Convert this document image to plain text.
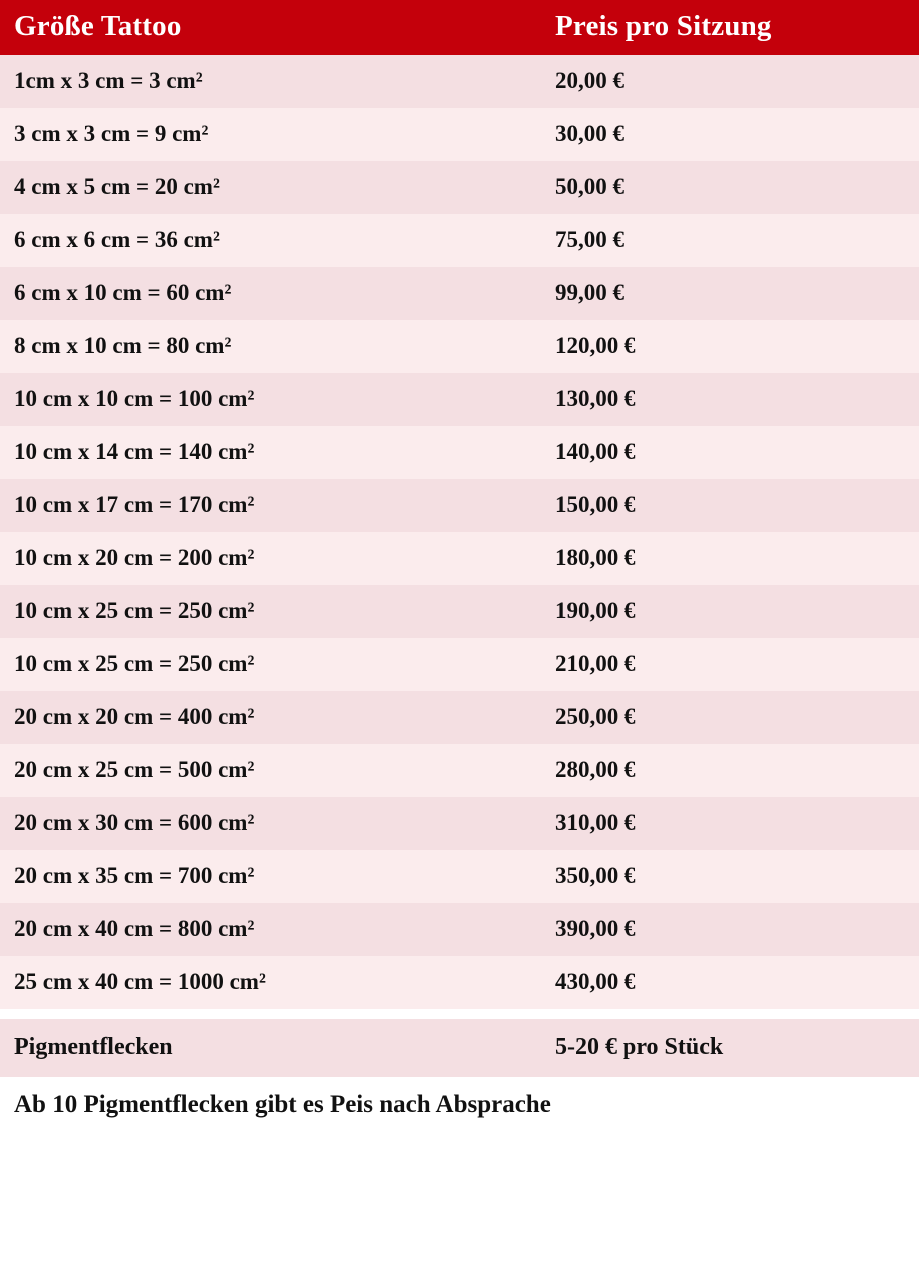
Größe Tattoo	Preis pro Sitzung
1cm x 3 cm = 3 cm²	20,00 €
3 cm x 3 cm = 9 cm²	30,00 €
4 cm x 5 cm = 20 cm²	50,00 €
6 cm x 6 cm = 36 cm²	75,00 €
6 cm x 10 cm = 60 cm²	99,00 €
8 cm x 10 cm = 80 cm²	120,00 €
10 cm x 10 cm = 100 cm²	130,00 €
10 cm x 14 cm = 140 cm²	140,00 €
10 cm x 17 cm = 170 cm²	150,00 €
10 cm x 20 cm = 200 cm²	180,00 €
10 cm x 25 cm = 250 cm²	190,00 €
10 cm x 25 cm = 250 cm²	210,00 €
20 cm x 20 cm = 400 cm²	250,00 €
20 cm x 25 cm = 500 cm²	280,00 €
20 cm x 30 cm = 600 cm²	310,00 €
20 cm x 35 cm = 700 cm²	350,00 €
20 cm x 40 cm = 800 cm²	390,00 €
25 cm x 40 cm = 1000 cm²	430,00 €

Pigmentflecken	5-20 € pro Stück
Ab 10 Pigmentflecken gibt es Peis nach Absprache	
